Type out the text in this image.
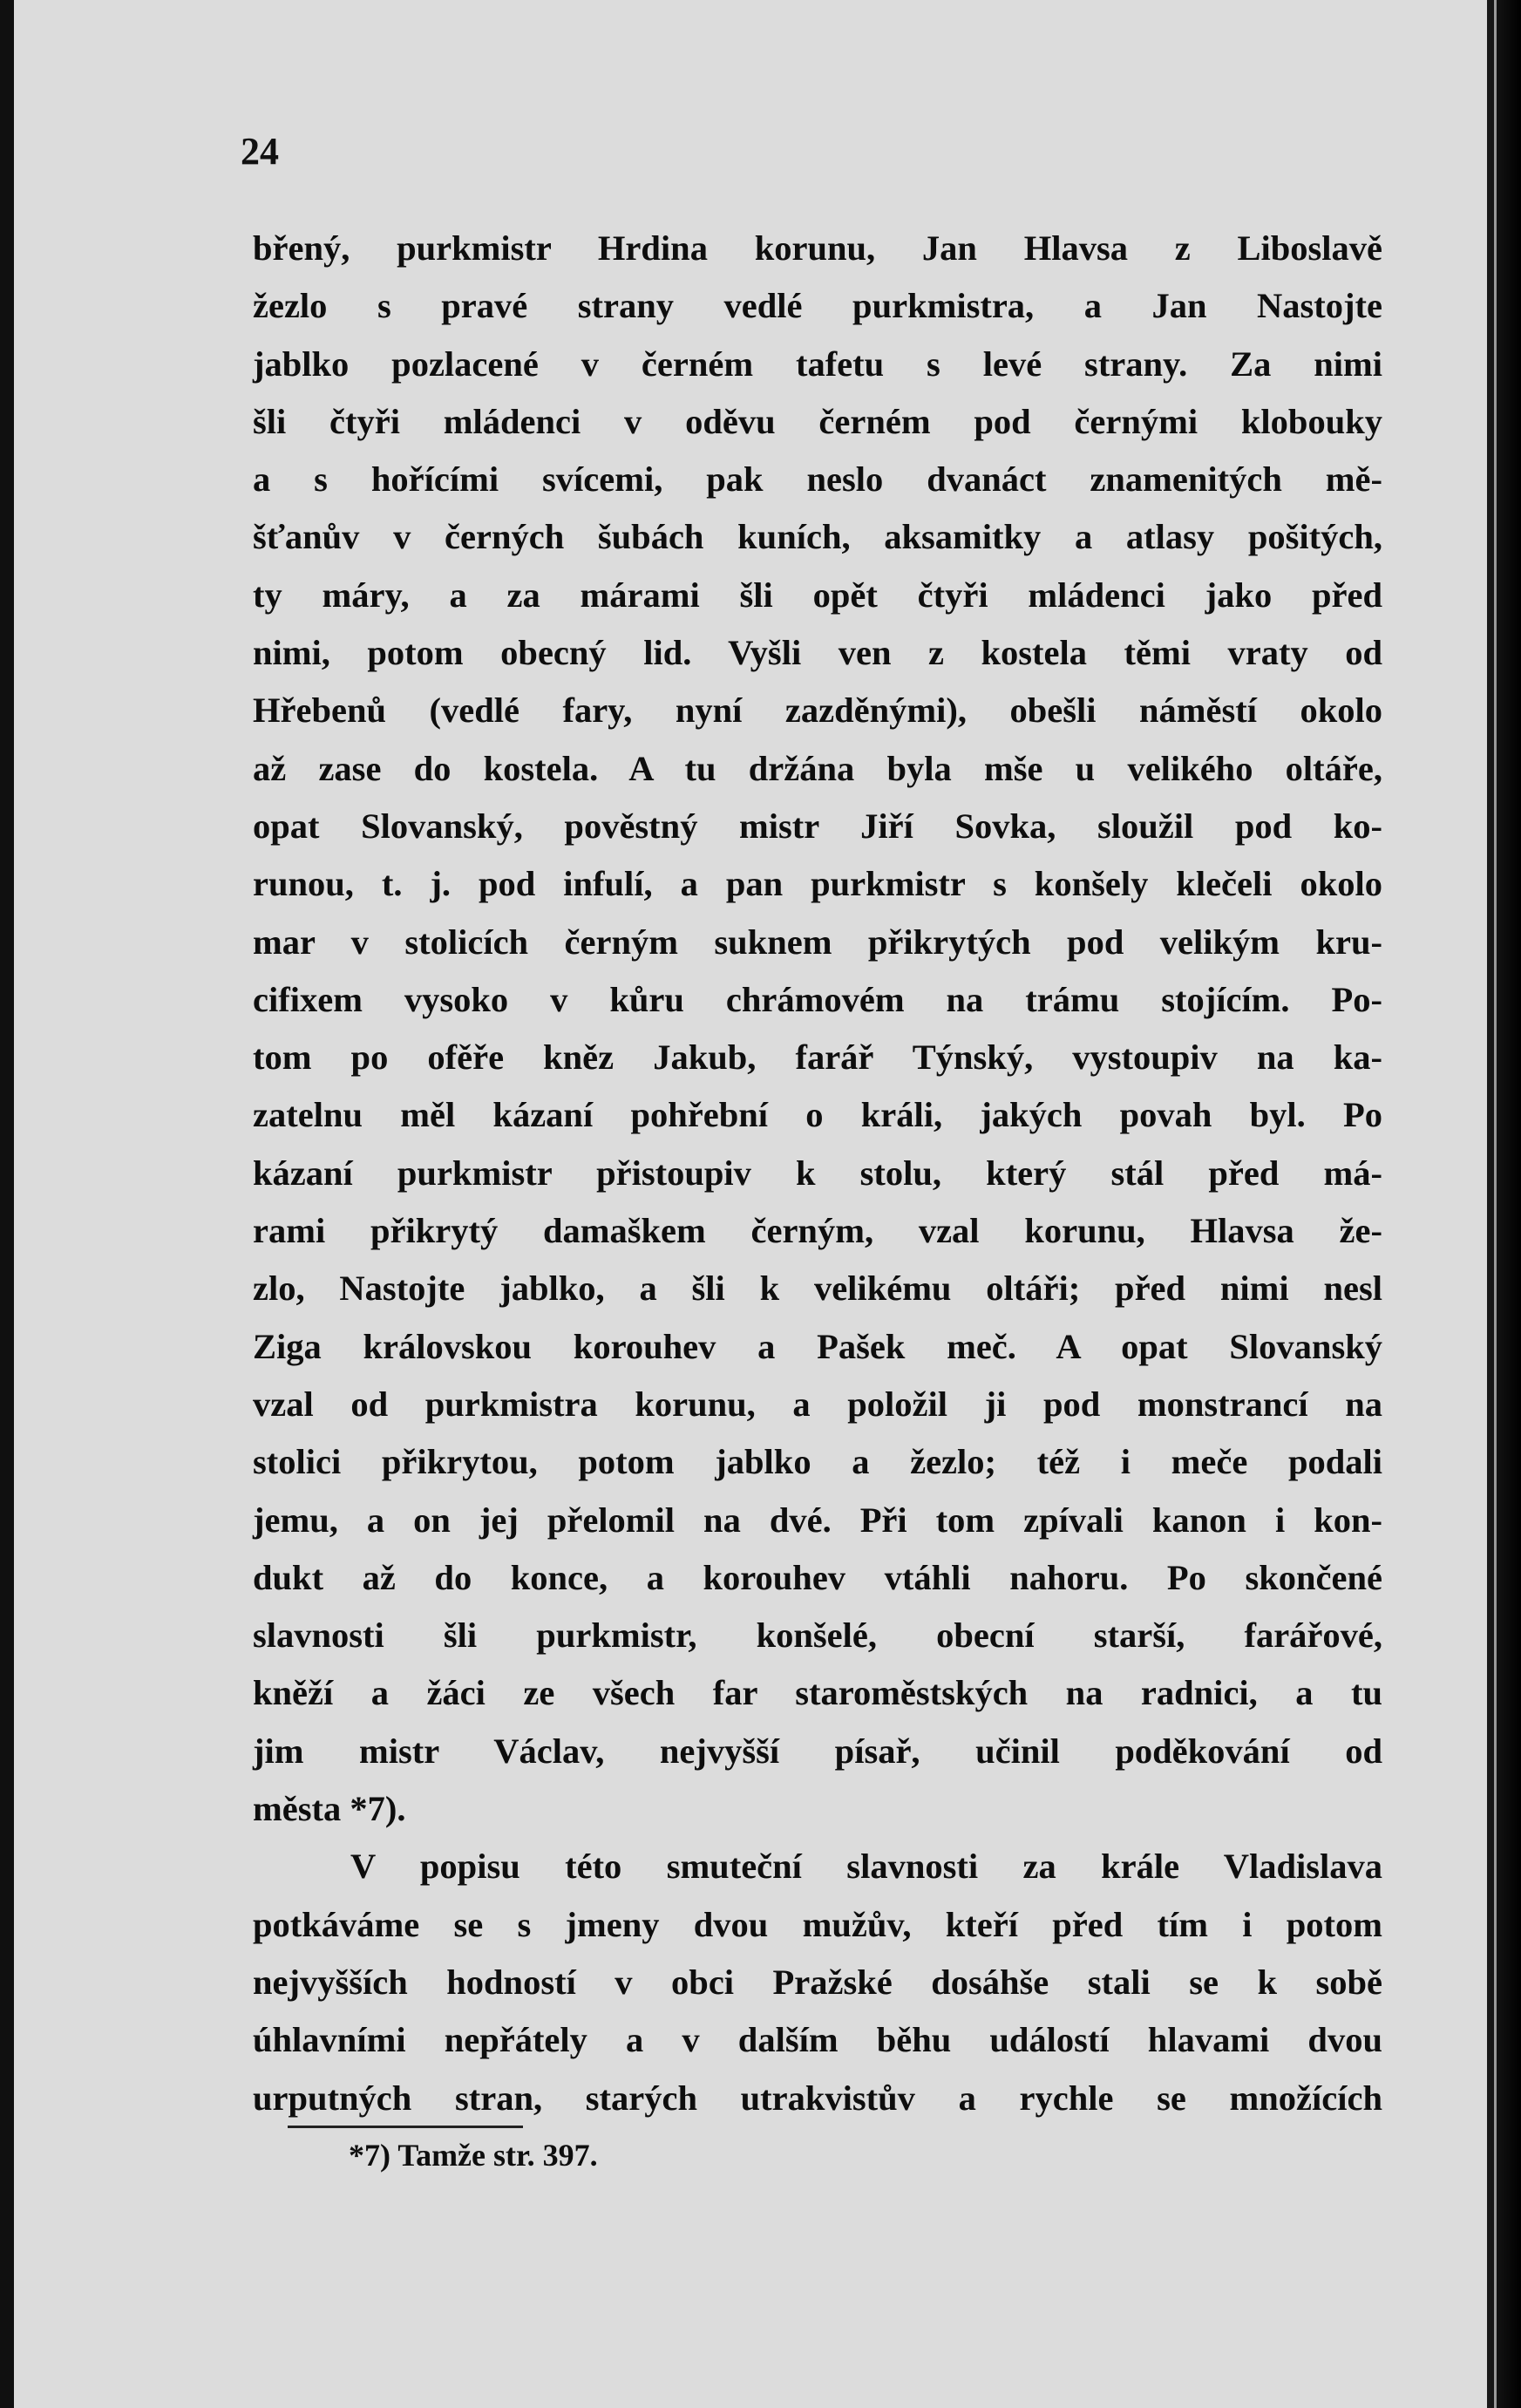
24
břený, purkmistr Hrdina korunu, Jan Hlavsa z Liboslavě
žezlo s pravé strany vedlé purkmistra, a Jan Nastojte
jablko pozlacené v černém tafetu s levé strany. Za nimi
šli čtyři mládenci v oděvu černém pod černými klobouky
a s hořícími svícemi, pak neslo dvanáct znamenitých mě-
šťanův v černých šubách kuních, aksamitky a atlasy pošitých,
ty máry, a za márami šli opět čtyři mládenci jako před
nimi, potom obecný lid. Vyšli ven z kostela těmi vraty od
Hřebenů (vedlé fary, nyní zazděnými), obešli náměstí okolo
až zase do kostela. A tu držána byla mše u velikého oltáře,
opat Slovanský, pověstný mistr Jiří Sovka, sloužil pod ko-
runou, t. j. pod infulí, a pan purkmistr s konšely klečeli okolo
mar v stolicích černým suknem přikrytých pod velikým kru-
cifixem vysoko v kůru chrámovém na trámu stojícím. Po-
tom po ofěře kněz Jakub, farář Týnský, vystoupiv na ka-
zatelnu měl kázaní pohřební o králi, jakých povah byl. Po
kázaní purkmistr přistoupiv k stolu, který stál před má-
rami přikrytý damaškem černým, vzal korunu, Hlavsa že-
zlo, Nastojte jablko, a šli k velikému oltáři; před nimi nesl
Ziga královskou korouhev a Pašek meč. A opat Slovanský
vzal od purkmistra korunu, a položil ji pod monstrancí na
stolici přikrytou, potom jablko a žezlo; též i meče podali
jemu, a on jej přelomil na dvé. Při tom zpívali kanon i kon-
dukt až do konce, a korouhev vtáhli nahoru. Po skončené
slavnosti šli purkmistr, konšelé, obecní starší, farářové,
kněží a žáci ze všech far staroměstských na radnici, a tu
jim mistr Václav, nejvyšší písař, učinil poděkování od
města *7).
V popisu této smuteční slavnosti za krále Vladislava
potkáváme se s jmeny dvou mužův, kteří před tím i potom
nejvyšších hodností v obci Pražské dosáhše stali se k sobě
úhlavními nepřátely a v dalším běhu událostí hlavami dvou
urputných stran, starých utrakvistův a rychle se množících
*7) Tamže str. 397.
